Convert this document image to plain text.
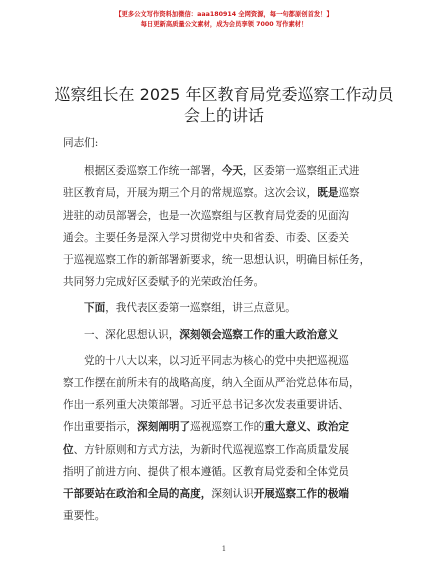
【更多公文写作资料加微信：aaa180914 全网资源，每一句都原创首发！】
每日更新高质量公文素材，成为会员享领 7000 写作素材！
巡察组长在 2025 年区教育局党委巡察工作动员
会上的讲话

同志们:

根据区委巡察工作统一部署，今天，区委第一巡察组正式进

驻区教育局，开展为期三个月的常规巡察。这次会议，既是巡察

进驻的动员部署会，也是一次巡察组与区教育局党委的见面沟

通会。主要任务是深入学习贯彻党中央和省委、市委、区委关

于巡视巡察工作的新部署新要求，统一思想认识，明确目标任务，

共同努力完成好区委赋予的光荣政治任务。

下面，我代表区委第一巡察组，讲三点意见。

一、深化思想认识，深刻领会巡察工作的重大政治意义

党的十八大以来，以习近平同志为核心的党中央把巡视巡

察工作摆在前所未有的战略高度，纳入全面从严治党总体布局，

作出一系列重大决策部署。习近平总书记多次发表重要讲话、

作出重要指示，深刻阐明了巡视巡察工作的重大意义、政治定

位、方针原则和方式方法，为新时代巡视巡察工作高质量发展

指明了前进方向、提供了根本遵循。区教育局党委和全体党员

干部要站在政治和全局的高度，深刻认识开展巡察工作的极端

重要性。

1
